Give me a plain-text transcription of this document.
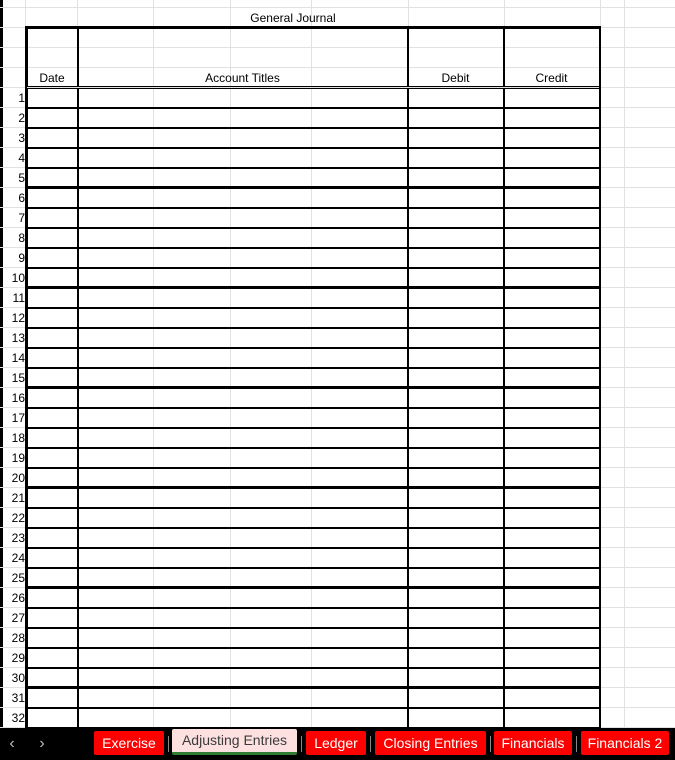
General Journal
Date	Account Titles	Debit	Credit
1
2
3
4
5
6
7
8
9
10
11
12
13
14
15
16
17
18
19
20
21
22
23
24
25
26
27
28
29
30
31
32
‹	›	Exercise	Adjusting Entries	Ledger	Closing Entries	Financials	Financials 2
